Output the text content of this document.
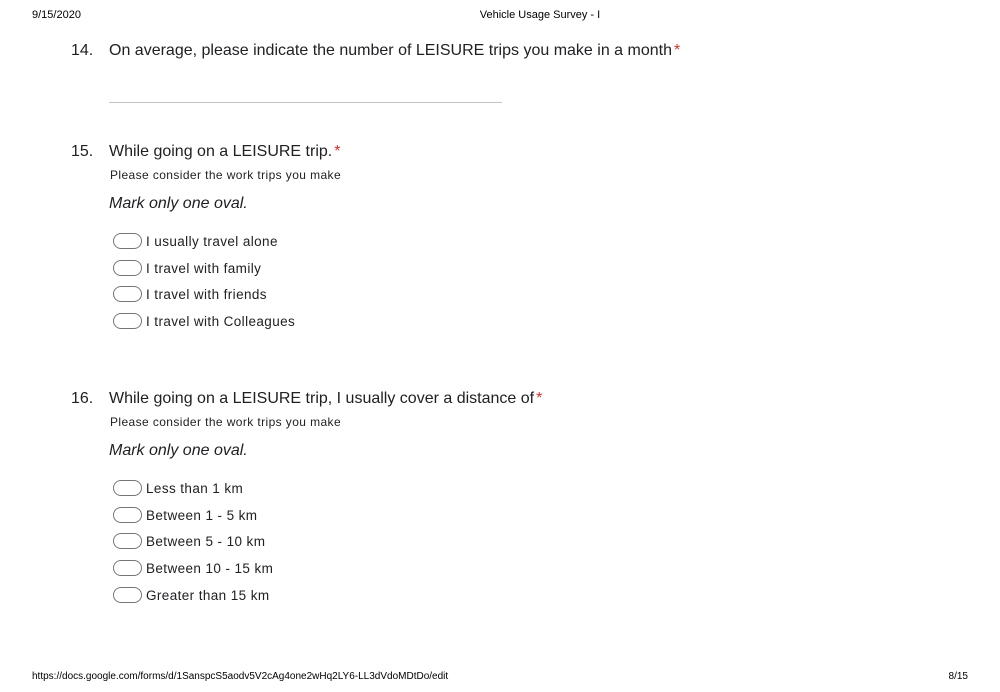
9/15/2020	Vehicle Usage Survey - I
14. On average, please indicate the number of LEISURE trips you make in a month *
15. While going on a LEISURE trip. *
Please consider the work trips you make
Mark only one oval.
I usually travel alone
I travel with family
I travel with friends
I travel with Colleagues
16. While going on a LEISURE trip, I usually cover a distance of *
Please consider the work trips you make
Mark only one oval.
Less than 1 km
Between 1 - 5 km
Between 5 - 10 km
Between 10 - 15 km
Greater than 15 km
https://docs.google.com/forms/d/1SanspcS5aodv5V2cAg4one2wHq2LY6-LL3dVdoMDtDo/edit	8/15
